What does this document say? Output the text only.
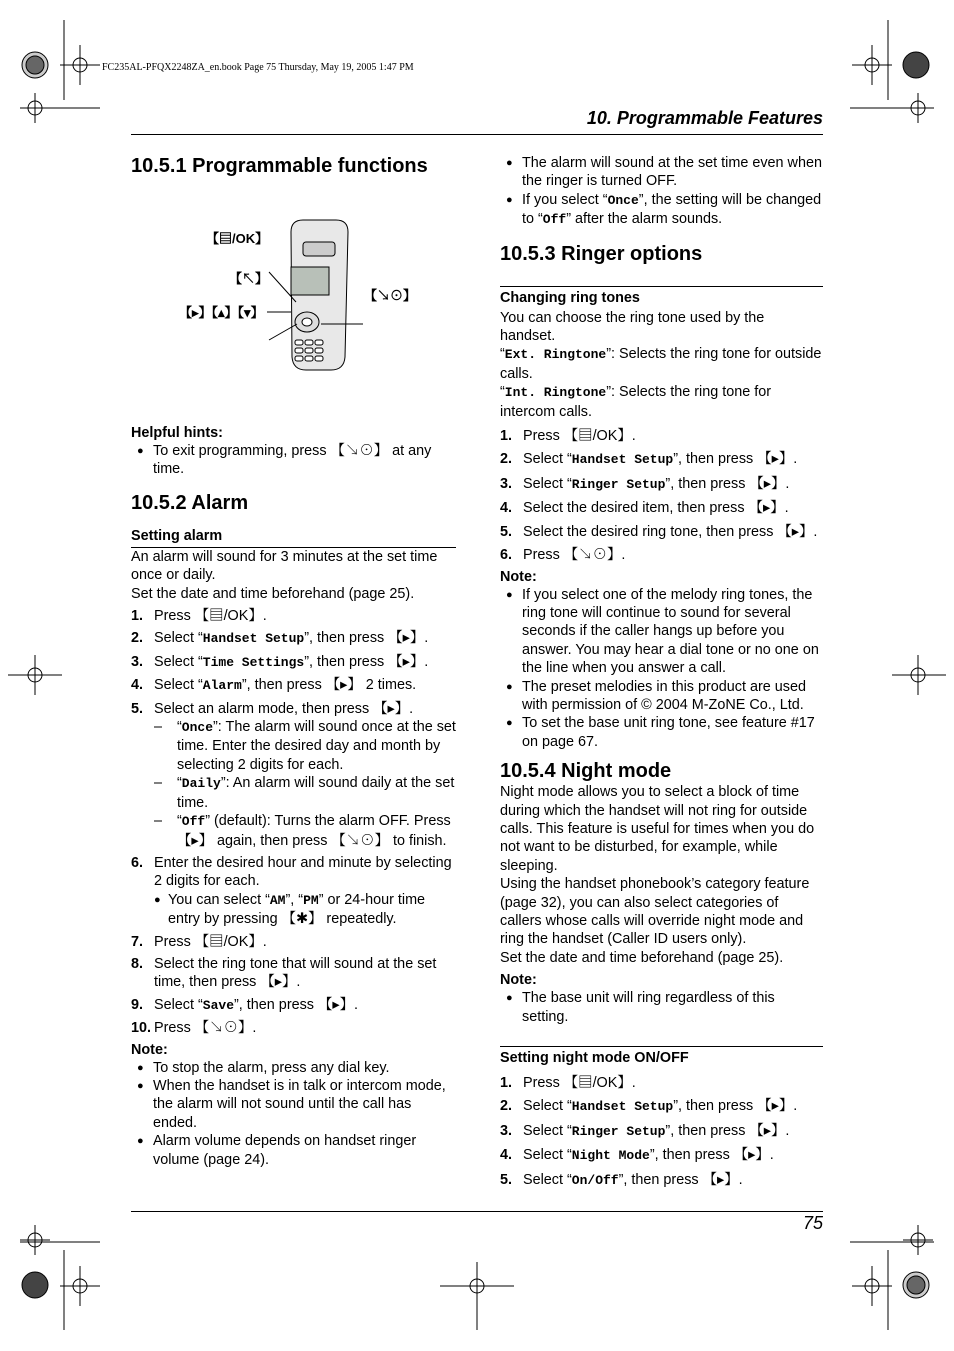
FC235AL-PFQX2248ZA_en.book Page 75 Thursday, May 19, 2005 1:47 PM
10. Programmable Features
75
10.5.1 Programmable functions
【▤/OK】
【↖】
【▸】【▴】【▾】
【↘⊙】
Helpful hints:
● To exit programming, press 【↘⊙】 at any time.
10.5.2 Alarm
Setting alarm
An alarm will sound for 3 minutes at the set time once or daily.
Set the date and time beforehand (page 25).
1. Press 【▤/OK】.
2. Select “Handset Setup”, then press 【▸】.
3. Select “Time Settings”, then press 【▸】.
4. Select “Alarm”, then press 【▸】 2 times.
5. Select an alarm mode, then press 【▸】.
–	“Once”: The alarm will sound once at the set time. Enter the desired day and month by selecting 2 digits for each.
–	“Daily”: An alarm will sound daily at the set time.
–	“Off” (default): Turns the alarm OFF. Press 【▸】 again, then press 【↘⊙】 to finish.
6. Enter the desired hour and minute by selecting 2 digits for each.
● You can select “AM”, “PM” or 24-hour time entry by pressing 【✱】 repeatedly.
7. Press 【▤/OK】.
8. Select the ring tone that will sound at the set time, then press 【▸】.
9. Select “Save”, then press 【▸】.
10. Press 【↘⊙】.
Note:
● To stop the alarm, press any dial key.
● When the handset is in talk or intercom mode, the alarm will not sound until the call has ended.
● Alarm volume depends on handset ringer volume (page 24).
● The alarm will sound at the set time even when the ringer is turned OFF.
● If you select “Once”, the setting will be changed to “Off” after the alarm sounds.
10.5.3 Ringer options
Changing ring tones
You can choose the ring tone used by the handset.
“Ext. Ringtone”: Selects the ring tone for outside calls.
“Int. Ringtone”: Selects the ring tone for intercom calls.
1. Press 【▤/OK】.
2. Select “Handset Setup”, then press 【▸】.
3. Select “Ringer Setup”, then press 【▸】.
4. Select the desired item, then press 【▸】.
5. Select the desired ring tone, then press 【▸】.
6. Press 【↘⊙】.
Note:
● If you select one of the melody ring tones, the ring tone will continue to sound for several seconds if the caller hangs up before you answer. You may hear a dial tone or no one on the line when you answer a call.
● The preset melodies in this product are used with permission of © 2004 M-ZoNE Co., Ltd.
● To set the base unit ring tone, see feature #17 on page 67.
10.5.4 Night mode
Night mode allows you to select a block of time during which the handset will not ring for outside calls. This feature is useful for times when you do not want to be disturbed, for example, while sleeping.
Using the handset phonebook’s category feature (page 32), you can also select categories of callers whose calls will override night mode and ring the handset (Caller ID users only).
Set the date and time beforehand (page 25).
Note:
● The base unit will ring regardless of this setting.
Setting night mode ON/OFF
1. Press 【▤/OK】.
2. Select “Handset Setup”, then press 【▸】.
3. Select “Ringer Setup”, then press 【▸】.
4. Select “Night Mode”, then press 【▸】.
5. Select “On/Off”, then press 【▸】.
